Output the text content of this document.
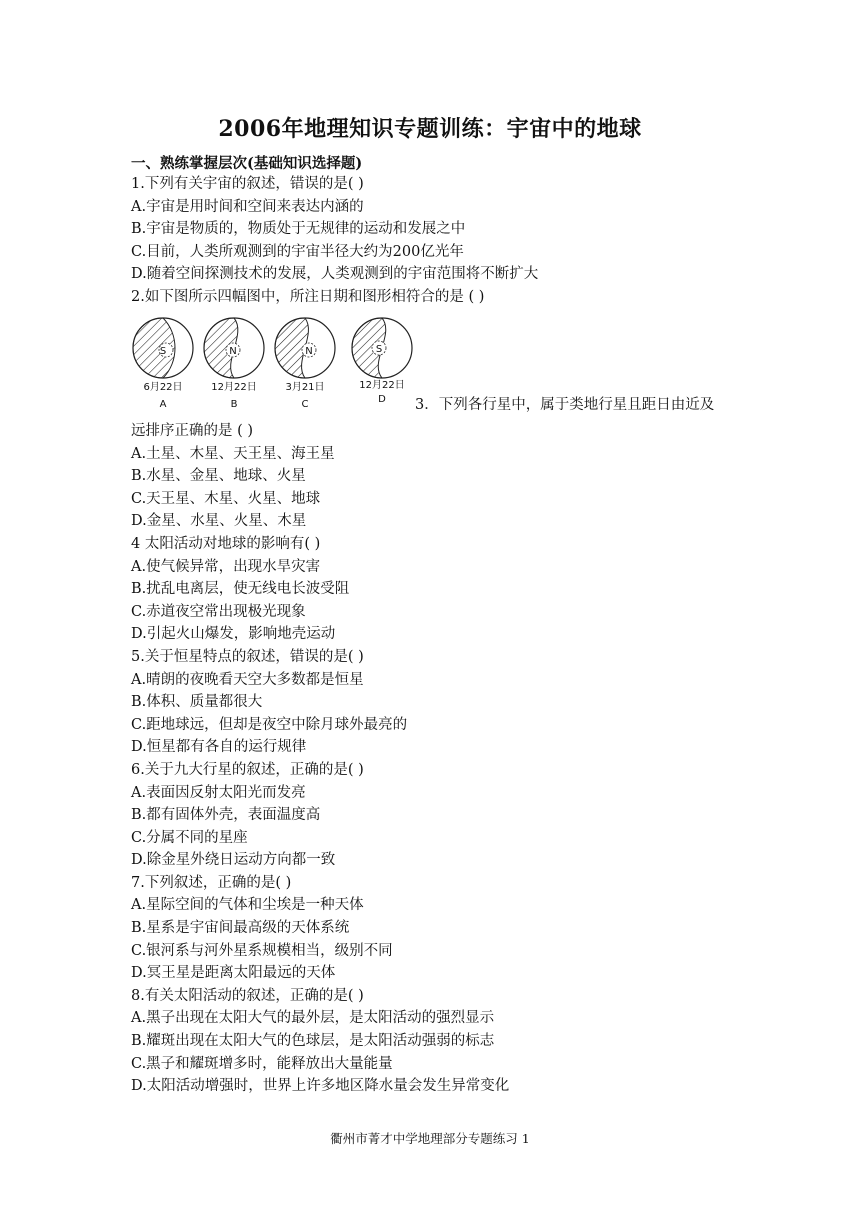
2006年地理知识专题训练：宇宙中的地球
一、熟练掌握层次(基础知识选择题)
1.下列有关宇宙的叙述，错误的是( )
A.宇宙是用时间和空间来表达内涵的
B.宇宙是物质的，物质处于无规律的运动和发展之中
C.目前，人类所观测到的宇宙半径大约为200亿光年
D.随着空间探测技术的发展，人类观测到的宇宙范围将不断扩大
2.如下图所示四幅图中，所注日期和图形相符合的是 ( )
S
6月22日
A
N
12月22日
B
N
3月21日
C
S
12月22日
D 3．下列各行星中，属于类地行星且距日由近及
远排序正确的是 ( )
A.土星、木星、天王星、海王星
B.水星、金星、地球、火星
C.天王星、木星、火星、地球
D.金星、水星、火星、木星
4 太阳活动对地球的影响有( )
A.使气候异常，出现水旱灾害
B.扰乱电离层，使无线电长波受阻
C.赤道夜空常出现极光现象
D.引起火山爆发，影响地壳运动
5.关于恒星特点的叙述，错误的是( )
A.晴朗的夜晚看天空大多数都是恒星
B.体积、质量都很大
C.距地球远，但却是夜空中除月球外最亮的
D.恒星都有各自的运行规律
6.关于九大行星的叙述，正确的是( )
A.表面因反射太阳光而发亮
B.都有固体外壳，表面温度高
C.分属不同的星座
D.除金星外绕日运动方向都一致
7.下列叙述，正确的是( )
A.星际空间的气体和尘埃是一种天体
B.星系是宇宙间最高级的天体系统
C.银河系与河外星系规模相当，级别不同
D.冥王星是距离太阳最远的天体
8.有关太阳活动的叙述，正确的是( )
A.黑子出现在太阳大气的最外层，是太阳活动的强烈显示
B.耀斑出现在太阳大气的色球层，是太阳活动强弱的标志
C.黑子和耀斑增多时，能释放出大量能量
D.太阳活动增强时，世界上许多地区降水量会发生异常变化
衢州市菁才中学地理部分专题练习 1
